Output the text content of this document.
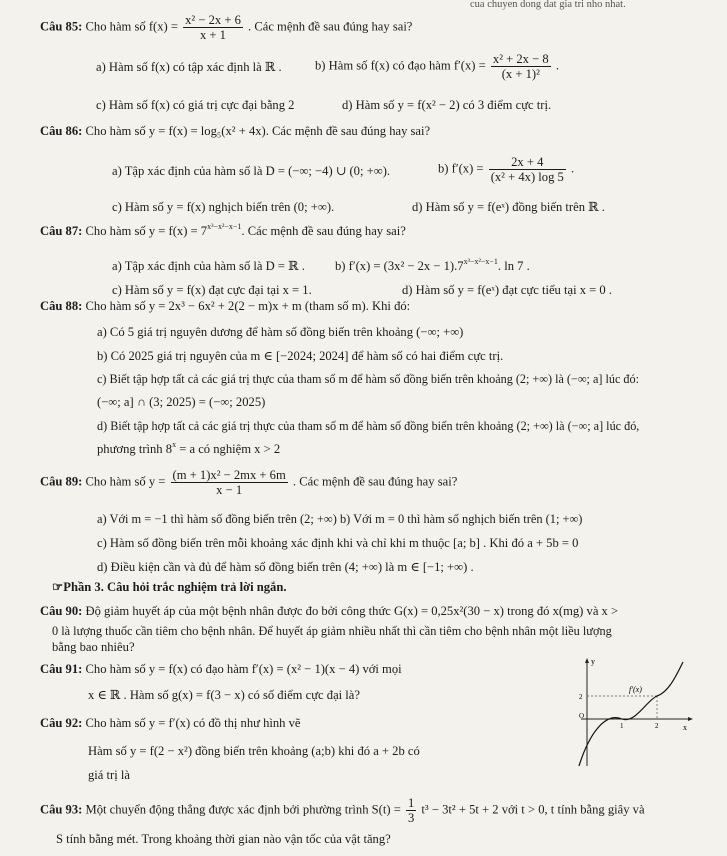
cua chuyen dong dat gia tri nho nhat.
Câu 85: Cho hàm số $f(x) = \frac{\text{x² − 2x + 6}}{x + 1}$ . Các mệnh đề sau đúng hay sai?
a) Hàm số f(x) có tập xác định là ℝ .	b) Hàm số f(x) có đạo hàm $f'(x) = \frac{\text{x² + 2x − 8}}{\text{(x + 1)²}}$ .
c) Hàm số f(x) có giá trị cực đại bằng 2	d) Hàm số y = f(x² − 2) có 3 điểm cực trị.
Câu 86: Cho hàm số y = f(x) = log₅(x² + 4x). Các mệnh đề sau đúng hay sai?
a) Tập xác định của hàm số là D = (−∞; −4) ∪ (0; +∞).	b) $f'(x) = \frac{2x + 4}{\text{(x² + 4x) log 5}}$ .
c) Hàm số y = f(x) nghịch biến trên (0; +∞).	d) Hàm số y = f(eˣ) đồng biến trên ℝ .
Câu 87: Cho hàm số $y = f(x) = 7^{x^3-x^2-x-1}$. Các mệnh đề sau đúng hay sai?
a) Tập xác định của hàm số là D = ℝ . b) $f'(x) = (3x^2 - 2x - 1).7^{x^3-x^2-x-1}$. ln 7 .
c) Hàm số y = f(x) đạt cực đại tại x = 1.	d) Hàm số y = f(eˣ) đạt cực tiểu tại x = 0 .
Câu 88: Cho hàm số y = 2x³ − 6x² + 2(2 − m)x + m (tham số m). Khi đó:
a) Có 5 giá trị nguyên dương để hàm số đồng biến trên khoảng (−∞; +∞)
b) Có 2025 giá trị nguyên của m ∈ [−2024; 2024] để hàm số có hai điểm cực trị.
c) Biết tập hợp tất cả các giá trị thực của tham số m để hàm số đồng biến trên khoảng (2; +∞) là (−∞; a] lúc đó:
(−∞; a] ∩ (3; 2025) = (−∞; 2025)
d) Biết tập hợp tất cả các giá trị thực của tham số m để hàm số đồng biến trên khoảng (2; +∞) là (−∞; a] lúc đó,
phương trình $8^x = a$ có nghiệm x > 2
Câu 89: Cho hàm số $y = \frac{\text{(m + 1)x² − 2mx + 6m}}{x - 1}$ . Các mệnh đề sau đúng hay sai?
a) Với m = −1 thì hàm số đồng biến trên (2; +∞) b) Với m = 0 thì hàm số nghịch biến trên (1; +∞)
c) Hàm số đồng biến trên mỗi khoảng xác định khi và chỉ khi m thuộc [a; b] . Khi đó a + 5b = 0
d) Điều kiện cần và đủ để hàm số đồng biến trên (4; +∞) là m ∈ [−1; +∞) .
☞Phần 3. Câu hỏi trắc nghiệm trả lời ngắn.
Câu 90: Độ giảm huyết áp của một bệnh nhân được đo bởi công thức G(x) = 0,25x²(30 − x) trong đó x(mg) và x >
0 là lượng thuốc cần tiêm cho bệnh nhân. Để huyết áp giảm nhiều nhất thì cần tiêm cho bệnh nhân một liều lượng
bằng bao nhiêu?
Câu 91: Cho hàm số y = f(x) có đạo hàm f′(x) = (x² − 1)(x − 4) với mọi
x ∈ ℝ . Hàm số g(x) = f(3 − x) có số điểm cực đại là?
Câu 92: Cho hàm số y = f′(x) có đồ thị như hình vẽ
Hàm số y = f(2 − x²) đồng biến trên khoảng (a;b) khi đó a + 2b có
giá trị là
y
f′(x)
x
2
O
1	2
Câu 93: Một chuyển động thẳng được xác định bởi phường trình $S(t) = \frac{1}{3} t^3 - 3t^2 + 5t + 2$ với t > 0, t tính bằng giây và
S tính bằng mét. Trong khoảng thời gian nào vận tốc của vật tăng?
